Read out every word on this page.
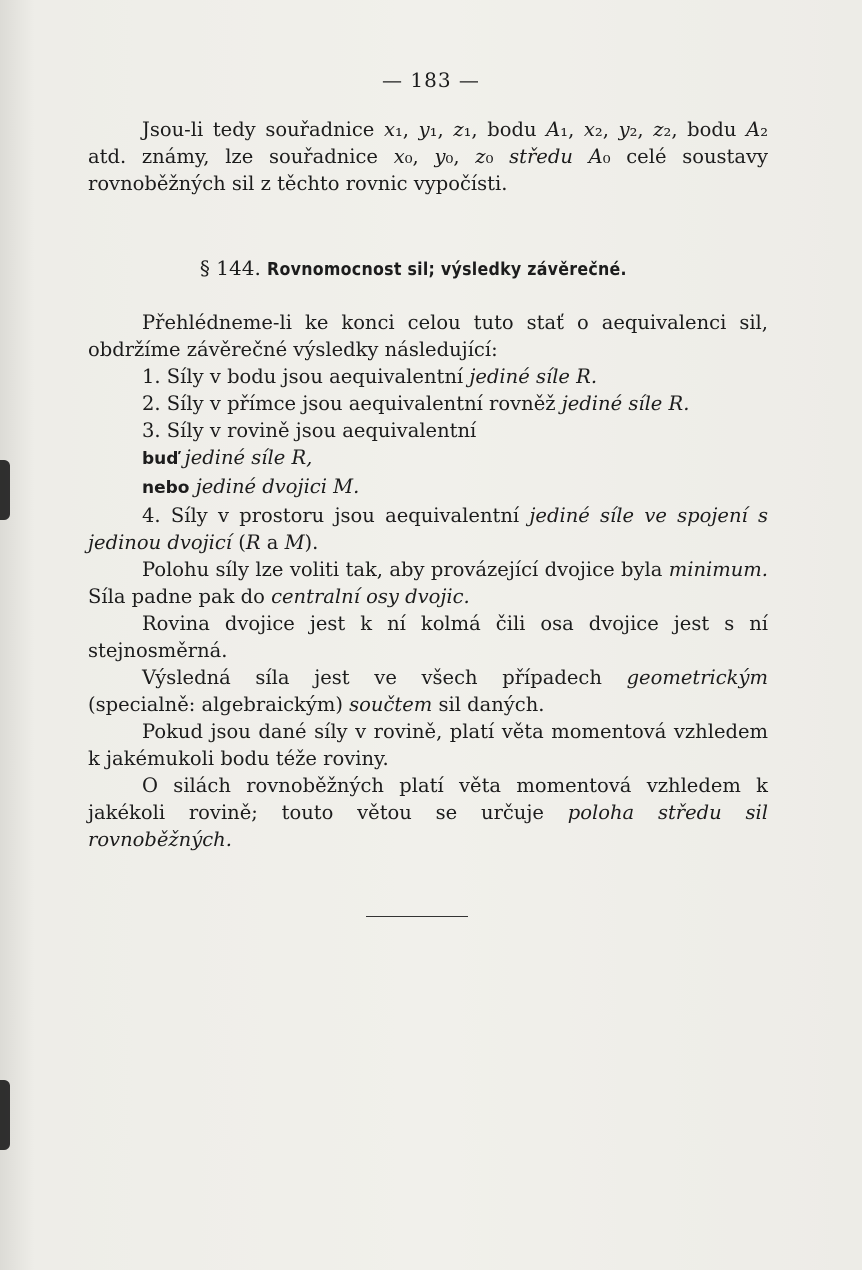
— 183 —

Jsou-li tedy souřadnice x₁, y₁, z₁, bodu A₁, x₂, y₂, z₂, bodu A₂ atd. známy, lze souřadnice x₀, y₀, z₀ středu A₀ celé soustavy rovnoběžných sil z těchto rovnic vypočísti.

§ 144. Rovnomocnost sil; výsledky závěrečné.

Přehlédneme-li ke konci celou tuto stať o aequivalenci sil, obdržíme závěrečné výsledky následující:

1. Síly v bodu jsou aequivalentní jediné síle R.

2. Síly v přímce jsou aequivalentní rovněž jediné síle R.

3. Síly v rovině jsou aequivalentní

buď jediné síle R,

nebo jediné dvojici M.

4. Síly v prostoru jsou aequivalentní jediné síle ve spojení s jedinou dvojicí (R a M).

Polohu síly lze voliti tak, aby provázející dvojice byla minimum. Síla padne pak do centralní osy dvojic.

Rovina dvojice jest k ní kolmá čili osa dvojice jest s ní stejnosměrná.

Výsledná síla jest ve všech případech geometrickým (specialně: algebraickým) součtem sil daných.

Pokud jsou dané síly v rovině, platí věta momentová vzhledem k jakémukoli bodu téže roviny.

O silách rovnoběžných platí věta momentová vzhledem k jakékoli rovině; touto větou se určuje poloha středu sil rovnoběžných.
